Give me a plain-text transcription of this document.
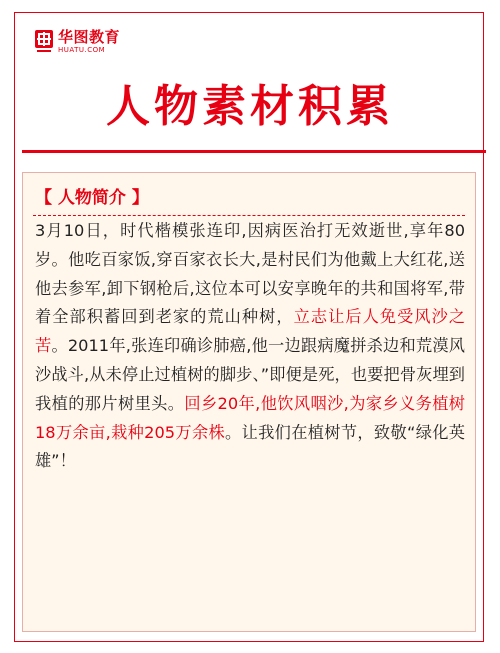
华图教育
HUATU.COM
人物素材积累
【 人物简介 】

3月10日，时代楷模张连印,因病医治打无效逝世,享年80岁。他吃百家饭,穿百家衣长大,是村民们为他戴上大红花,送他去参军,卸下钢枪后,这位本可以安享晚年的共和国将军,带着全部积蓄回到老家的荒山种树，立志让后人免受风沙之苦。2011年,张连印确诊肺癌,他一边跟病魔拼杀边和荒漠风沙战斗,从未停止过植树的脚步、”即便是死，也要把骨灰埋到我植的那片树里头。回乡20年,他饮风咽沙,为家乡义务植树18万余亩,栽种205万余株。让我们在植树节，致敬“绿化英雄”！
